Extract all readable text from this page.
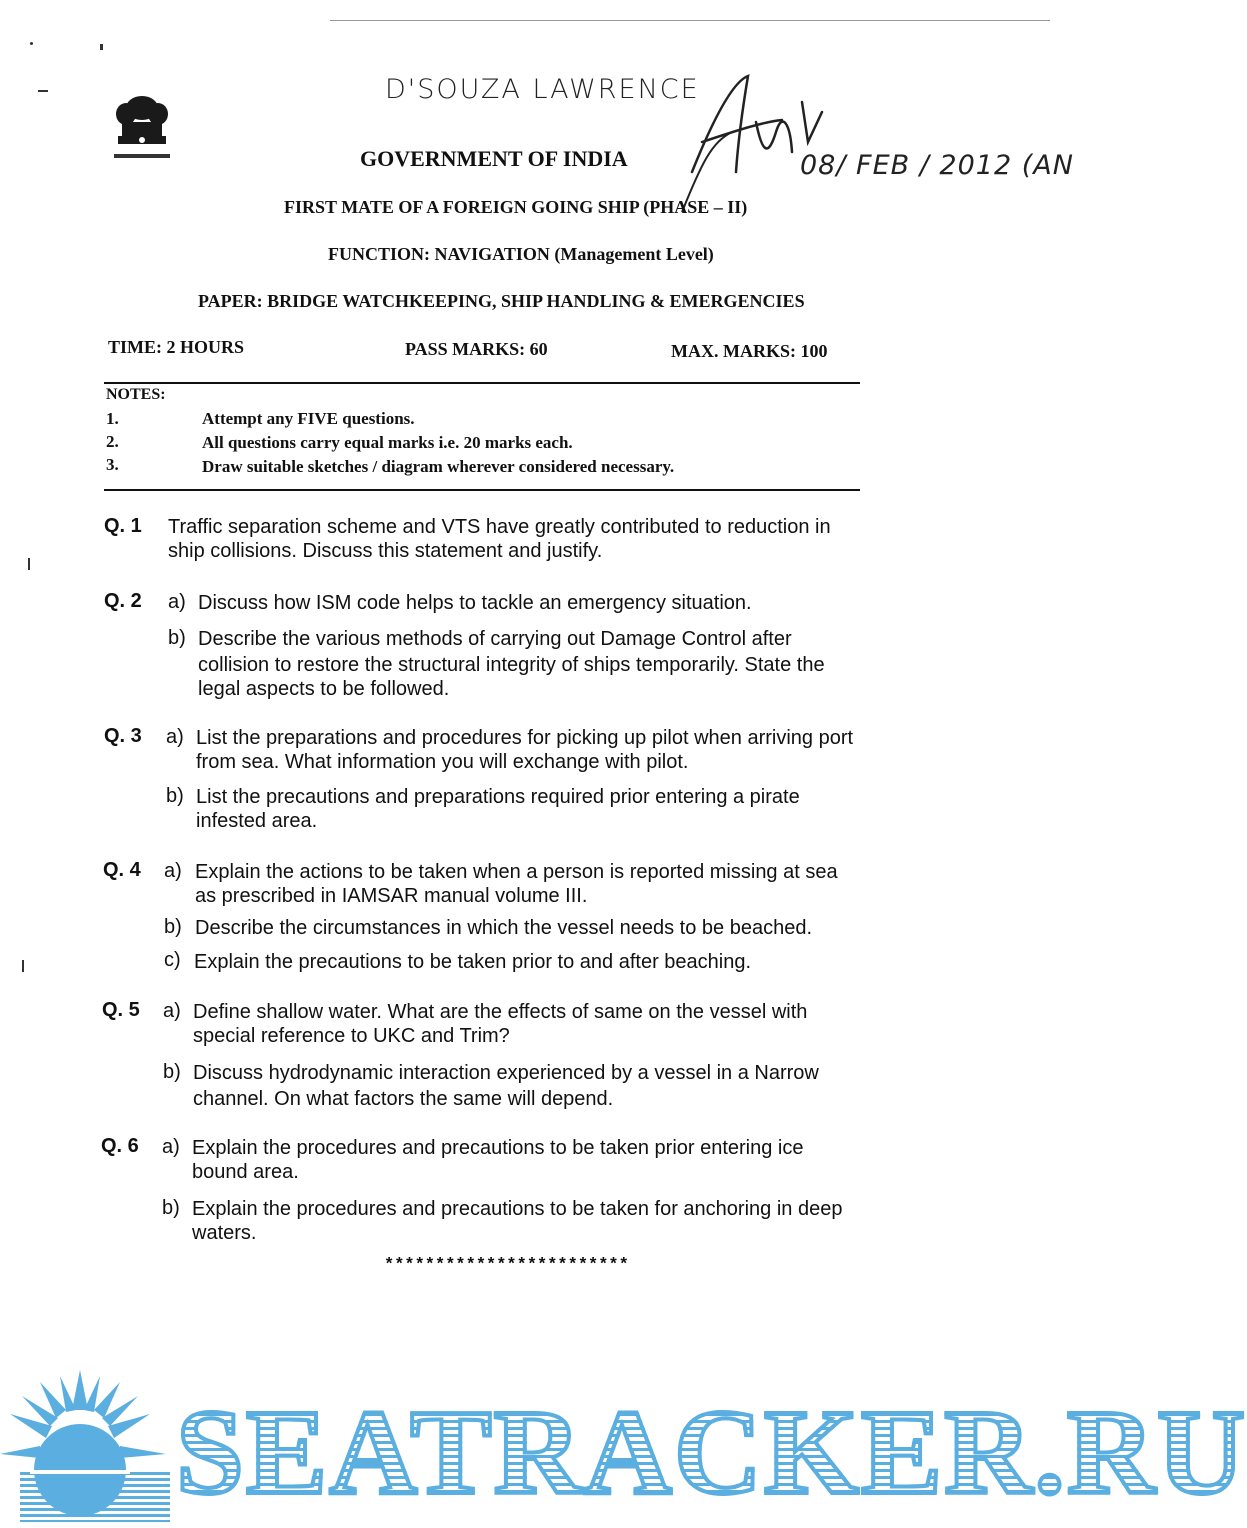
D'SOUZA LAWRENCE
08/ FEB / 2012 (AN
GOVERNMENT OF INDIA
FIRST MATE OF A FOREIGN GOING SHIP (PHASE – II)
FUNCTION: NAVIGATION (Management Level)
PAPER: BRIDGE WATCHKEEPING, SHIP HANDLING & EMERGENCIES
TIME: 2 HOURS	PASS MARKS: 60	MAX. MARKS: 100
NOTES:
1.	Attempt any FIVE questions.
2.	All questions carry equal marks i.e. 20 marks each.
3.	Draw suitable sketches / diagram wherever considered necessary.
Q. 1 Traffic separation scheme and VTS have greatly contributed to reduction in
ship collisions. Discuss this statement and justify.
Q. 2 a) Discuss how ISM code helps to tackle an emergency situation.
b) Describe the various methods of carrying out Damage Control after
collision to restore the structural integrity of ships temporarily. State the
legal aspects to be followed.
Q. 3 a) List the preparations and procedures for picking up pilot when arriving port
from sea. What information you will exchange with pilot.
b) List the precautions and preparations required prior entering a pirate
infested area.
Q. 4 a) Explain the actions to be taken when a person is reported missing at sea
as prescribed in IAMSAR manual volume III.
b) Describe the circumstances in which the vessel needs to be beached.
c) Explain the precautions to be taken prior to and after beaching.
Q. 5 a) Define shallow water. What are the effects of same on the vessel with
special reference to UKC and Trim?
b) Discuss hydrodynamic interaction experienced by a vessel in a Narrow
channel. On what factors the same will depend.
Q. 6 a) Explain the procedures and precautions to be taken prior entering ice
bound area.
b) Explain the procedures and precautions to be taken for anchoring in deep
waters.
************************
SEATRACKER.RU
